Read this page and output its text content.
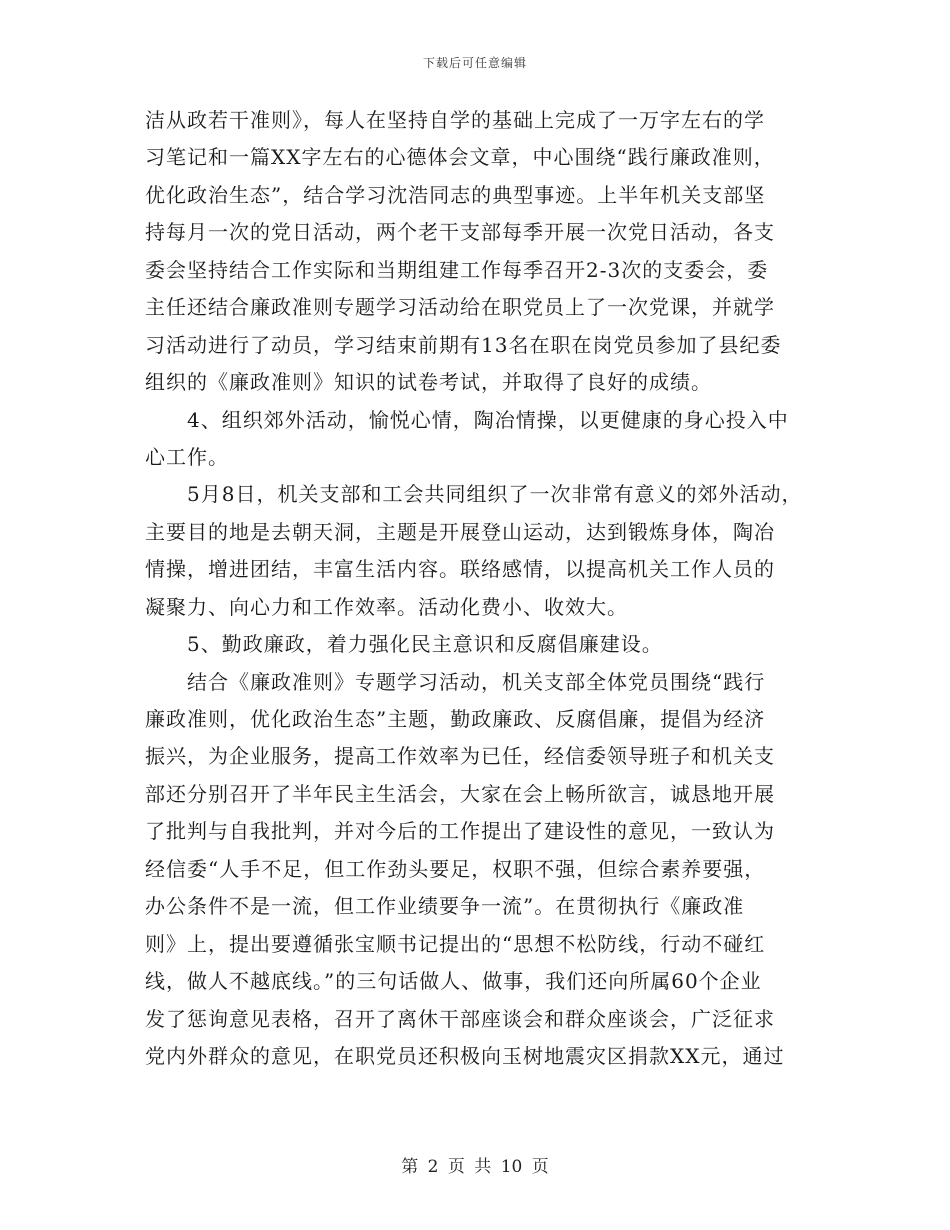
下载后可任意编辑
洁从政若干准则》，每人在坚持自学的基础上完成了一万字左右的学
习笔记和一篇XX字左右的心德体会文章，中心围绕“践行廉政准则，
优化政治生态”，结合学习沈浩同志的典型事迹。上半年机关支部坚
持每月一次的党日活动，两个老干支部每季开展一次党日活动，各支
委会坚持结合工作实际和当期组建工作每季召开2-3次的支委会，委
主任还结合廉政准则专题学习活动给在职党员上了一次党课，并就学
习活动进行了动员，学习结束前期有13名在职在岗党员参加了县纪委
组织的《廉政准则》知识的试卷考试，并取得了良好的成绩。
4、组织郊外活动，愉悦心情，陶冶情操，以更健康的身心投入中
心工作。
5月8日，机关支部和工会共同组织了一次非常有意义的郊外活动，
主要目的地是去朝天洞，主题是开展登山运动，达到锻炼身体，陶冶
情操，增进团结，丰富生活内容。联络感情，以提高机关工作人员的
凝聚力、向心力和工作效率。活动化费小、收效大。
5、勤政廉政，着力强化民主意识和反腐倡廉建设。
结合《廉政准则》专题学习活动，机关支部全体党员围绕“践行
廉政准则，优化政治生态”主题，勤政廉政、反腐倡廉，提倡为经济
振兴，为企业服务，提高工作效率为已任，经信委领导班子和机关支
部还分别召开了半年民主生活会，大家在会上畅所欲言，诚恳地开展
了批判与自我批判，并对今后的工作提出了建设性的意见，一致认为
经信委“人手不足，但工作劲头要足，权职不强，但综合素养要强，
办公条件不是一流，但工作业绩要争一流”。在贯彻执行《廉政准
则》上，提出要遵循张宝顺书记提出的“思想不松防线，行动不碰红
线，做人不越底线。”的三句话做人、做事，我们还向所属60个企业
发了惩询意见表格，召开了离休干部座谈会和群众座谈会，广泛征求
党内外群众的意见，在职党员还积极向玉树地震灾区捐款XX元，通过
第 2 页 共 10 页
